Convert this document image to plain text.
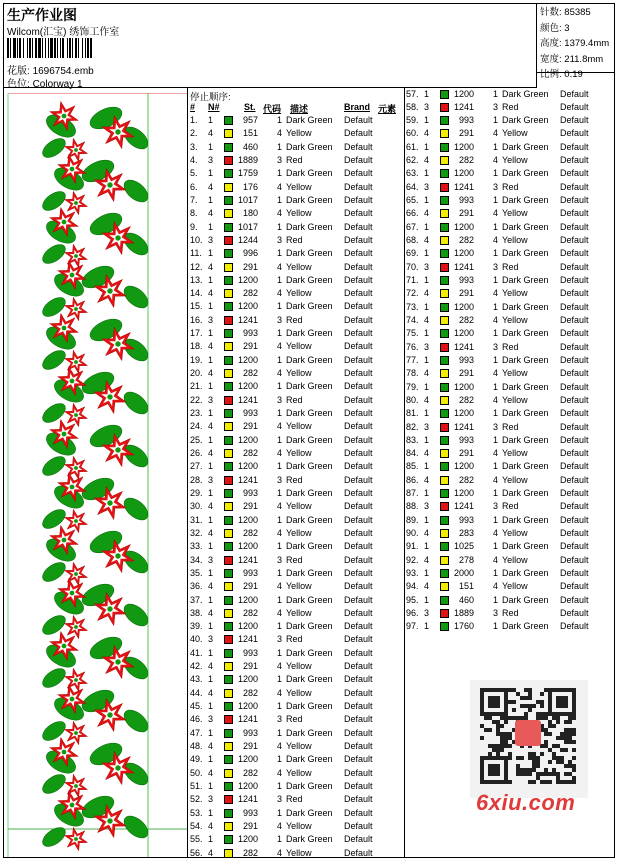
生产作业图
Wilcom(汇宝) 绣饰工作室
花版: 1696754.emb
色位: Colorway 1
针数: 85385
颜色: 3
高度: 1379.4mm
宽度: 211.8mm
比例: 0.19
停止顺序:
# N#	St. 代码 描述	Brand 元素
1. 1	957 1 Dark Green Default
2. 4	151 4 Yellow	Default
3. 1	460 1 Dark Green Default
4. 3	1889 3 Red	Default
5. 1	1759 1 Dark Green Default
6. 4	176 4 Yellow	Default
7. 1	1017 1 Dark Green Default
8. 4	180 4 Yellow	Default
9. 1	1017 1 Dark Green Default
10. 3	1244 3 Red	Default
11. 1	996 1 Dark Green Default
12. 4	291 4 Yellow	Default
13. 1	1200 1 Dark Green Default
14. 4	282 4 Yellow	Default
15. 1	1200 1 Dark Green Default
16. 3	1241 3 Red	Default
17. 1	993 1 Dark Green Default
18. 4	291 4 Yellow	Default
19. 1	1200 1 Dark Green Default
20. 4	282 4 Yellow	Default
21. 1	1200 1 Dark Green Default
22. 3	1241 3 Red	Default
23. 1	993 1 Dark Green Default
24. 4	291 4 Yellow	Default
25. 1	1200 1 Dark Green Default
26. 4	282 4 Yellow	Default
27. 1	1200 1 Dark Green Default
28. 3	1241 3 Red	Default
29. 1	993 1 Dark Green Default
30. 4	291 4 Yellow	Default
31. 1	1200 1 Dark Green Default
32. 4	282 4 Yellow	Default
33. 1	1200 1 Dark Green Default
34. 3	1241 3 Red	Default
35. 1	993 1 Dark Green Default
36. 4	291 4 Yellow	Default
37. 1	1200 1 Dark Green Default
38. 4	282 4 Yellow	Default
39. 1	1200 1 Dark Green Default
40. 3	1241 3 Red	Default
41. 1	993 1 Dark Green Default
42. 4	291 4 Yellow	Default
43. 1	1200 1 Dark Green Default
44. 4	282 4 Yellow	Default
45. 1	1200 1 Dark Green Default
46. 3	1241 3 Red	Default
47. 1	993 1 Dark Green Default
48. 4	291 4 Yellow	Default
49. 1	1200 1 Dark Green Default
50. 4	282 4 Yellow	Default
51. 1	1200 1 Dark Green Default
52. 3	1241 3 Red	Default
53. 1	993 1 Dark Green Default
54. 4	291 4 Yellow	Default
55. 1	1200 1 Dark Green Default
56. 4	282 4 Yellow	Default
57. 1	1200 1 Dark Green Default
58. 3	1241 3 Red	Default
59. 1	993 1 Dark Green Default
60. 4	291 4 Yellow	Default
61. 1	1200 1 Dark Green Default
62. 4	282 4 Yellow	Default
63. 1	1200 1 Dark Green Default
64. 3	1241 3 Red	Default
65. 1	993 1 Dark Green Default
66. 4	291 4 Yellow	Default
67. 1	1200 1 Dark Green Default
68. 4	282 4 Yellow	Default
69. 1	1200 1 Dark Green Default
70. 3	1241 3 Red	Default
71. 1	993 1 Dark Green Default
72. 4	291 4 Yellow	Default
73. 1	1200 1 Dark Green Default
74. 4	282 4 Yellow	Default
75. 1	1200 1 Dark Green Default
76. 3	1241 3 Red	Default
77. 1	993 1 Dark Green Default
78. 4	291 4 Yellow	Default
79. 1	1200 1 Dark Green Default
80. 4	282 4 Yellow	Default
81. 1	1200 1 Dark Green Default
82. 3	1241 3 Red	Default
83. 1	993 1 Dark Green Default
84. 4	291 4 Yellow	Default
85. 1	1200 1 Dark Green Default
86. 4	282 4 Yellow	Default
87. 1	1200 1 Dark Green Default
88. 3	1241 3 Red	Default
89. 1	993 1 Dark Green Default
90. 4	283 4 Yellow	Default
91. 1	1025 1 Dark Green Default
92. 4	278 4 Yellow	Default
93. 1	2000 1 Dark Green Default
94. 4	151 4 Yellow	Default
95. 1	460 1 Dark Green Default
96. 3	1889 3 Red	Default
97. 1	1760 1 Dark Green Default
6xiu.com
